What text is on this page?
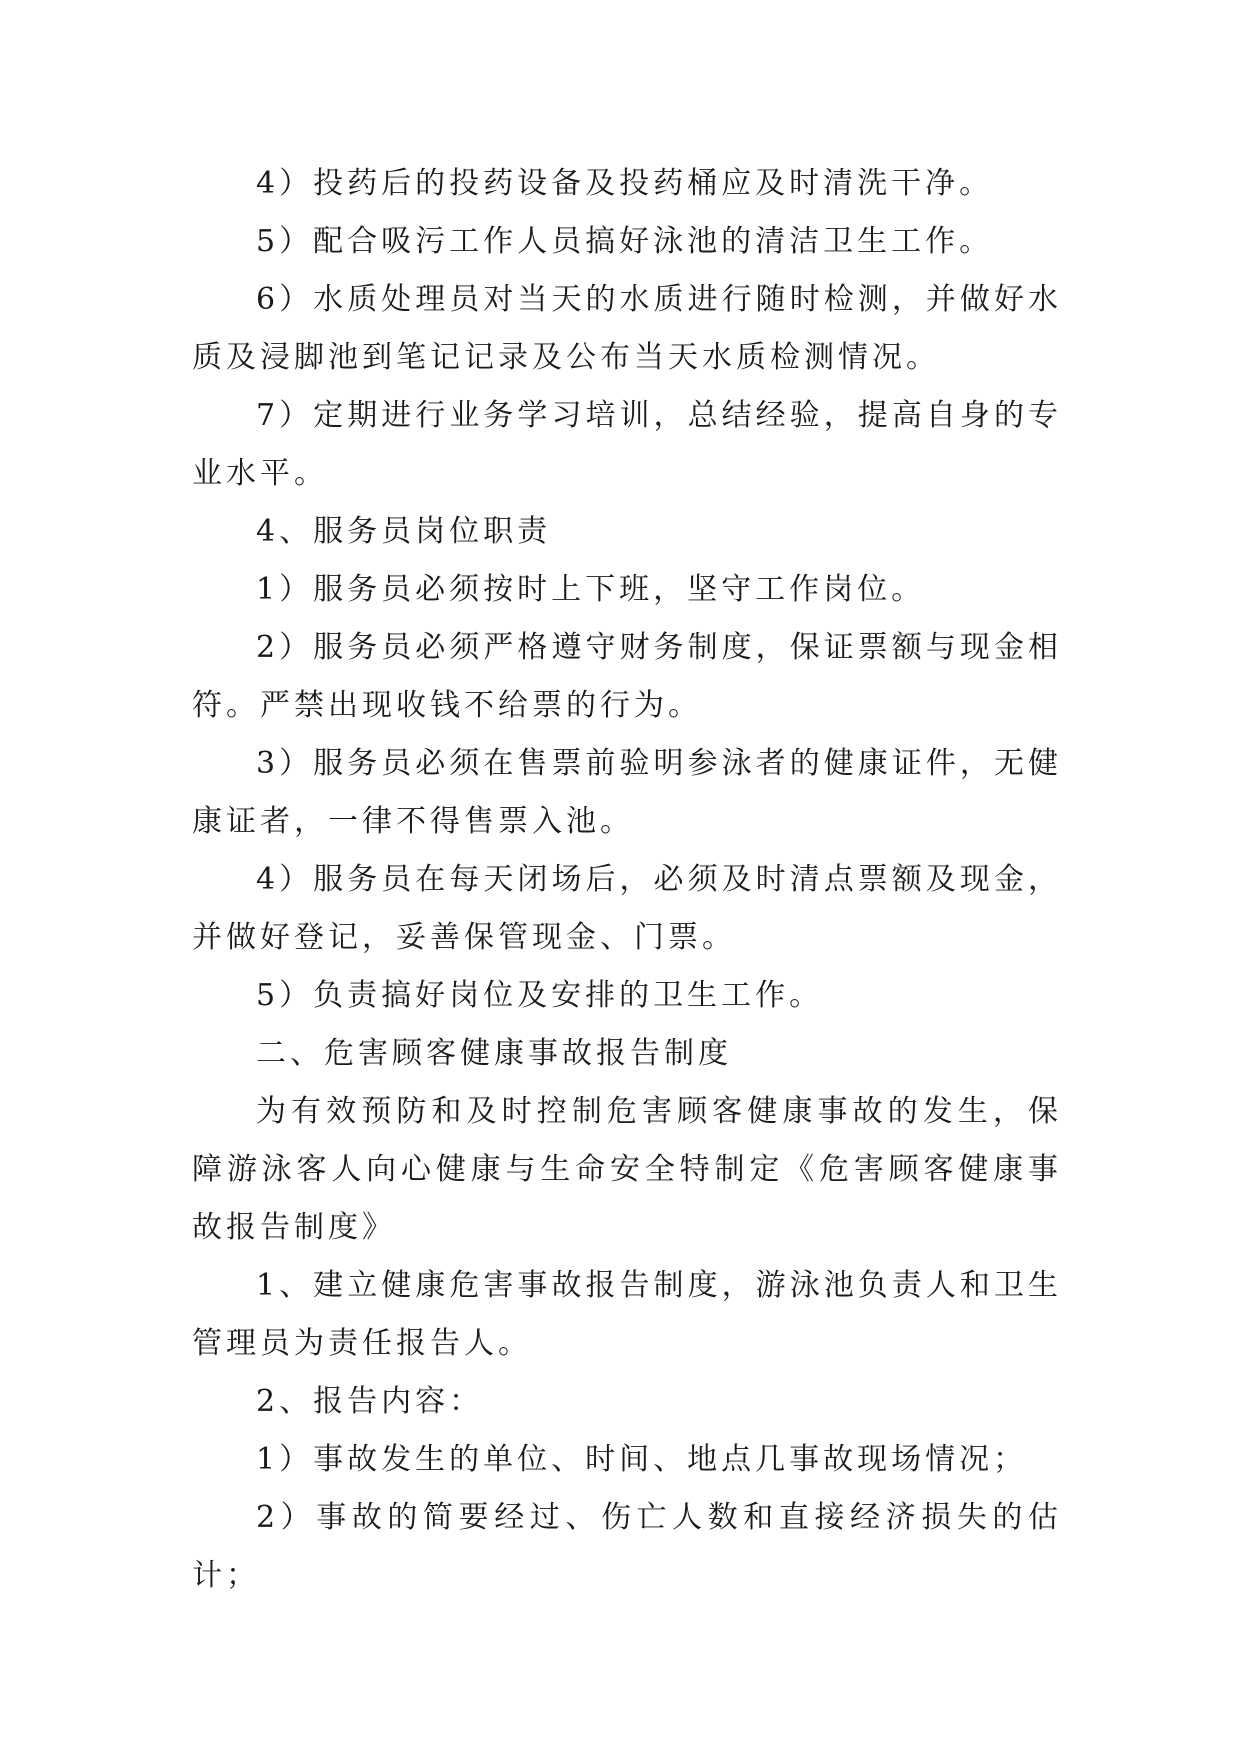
4）投药后的投药设备及投药桶应及时清洗干净。

5）配合吸污工作人员搞好泳池的清洁卫生工作。

6）水质处理员对当天的水质进行随时检测，并做好水质及浸脚池到笔记记录及公布当天水质检测情况。

7）定期进行业务学习培训，总结经验，提高自身的专业水平。

4、服务员岗位职责

1）服务员必须按时上下班，坚守工作岗位。

2）服务员必须严格遵守财务制度，保证票额与现金相符。严禁出现收钱不给票的行为。

3）服务员必须在售票前验明参泳者的健康证件，无健康证者，一律不得售票入池。

4）服务员在每天闭场后，必须及时清点票额及现金，并做好登记，妥善保管现金、门票。

5）负责搞好岗位及安排的卫生工作。

二、危害顾客健康事故报告制度

为有效预防和及时控制危害顾客健康事故的发生，保障游泳客人向心健康与生命安全特制定《危害顾客健康事故报告制度》

1、建立健康危害事故报告制度，游泳池负责人和卫生管理员为责任报告人。

2、报告内容：

1）事故发生的单位、时间、地点几事故现场情况；

2）事故的简要经过、伤亡人数和直接经济损失的估计；
